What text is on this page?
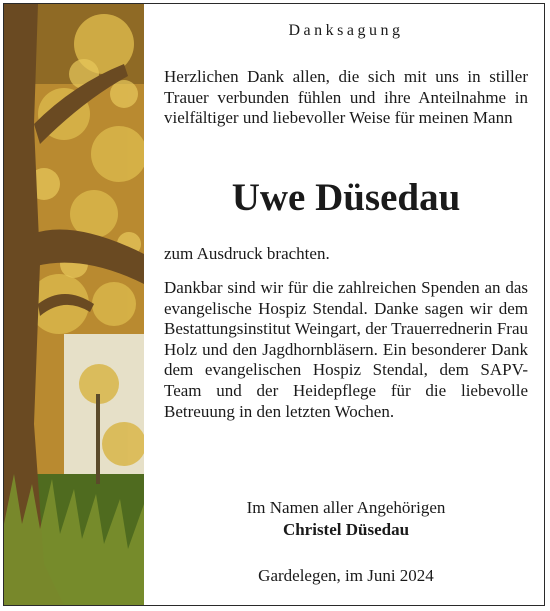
Danksagung

Herzlichen Dank allen, die sich mit uns in stiller Trauer verbunden fühlen und ihre Anteilnahme in vielfältiger und liebevoller Weise für meinen Mann

Uwe Düsedau

zum Ausdruck brachten.

Dankbar sind wir für die zahlreichen Spenden an das evangelische Hospiz Stendal. Danke sagen wir dem Bestattungsinstitut Weingart, der Trauerrednerin Frau Holz und den Jagdhornbläsern. Ein besonderer Dank dem evangelischen Hospiz Stendal, dem SAPV-Team und der Heidepflege für die liebevolle Betreuung in den letzten Wochen.

Im Namen aller Angehörigen
Christel Düsedau
Gardelegen, im Juni 2024
